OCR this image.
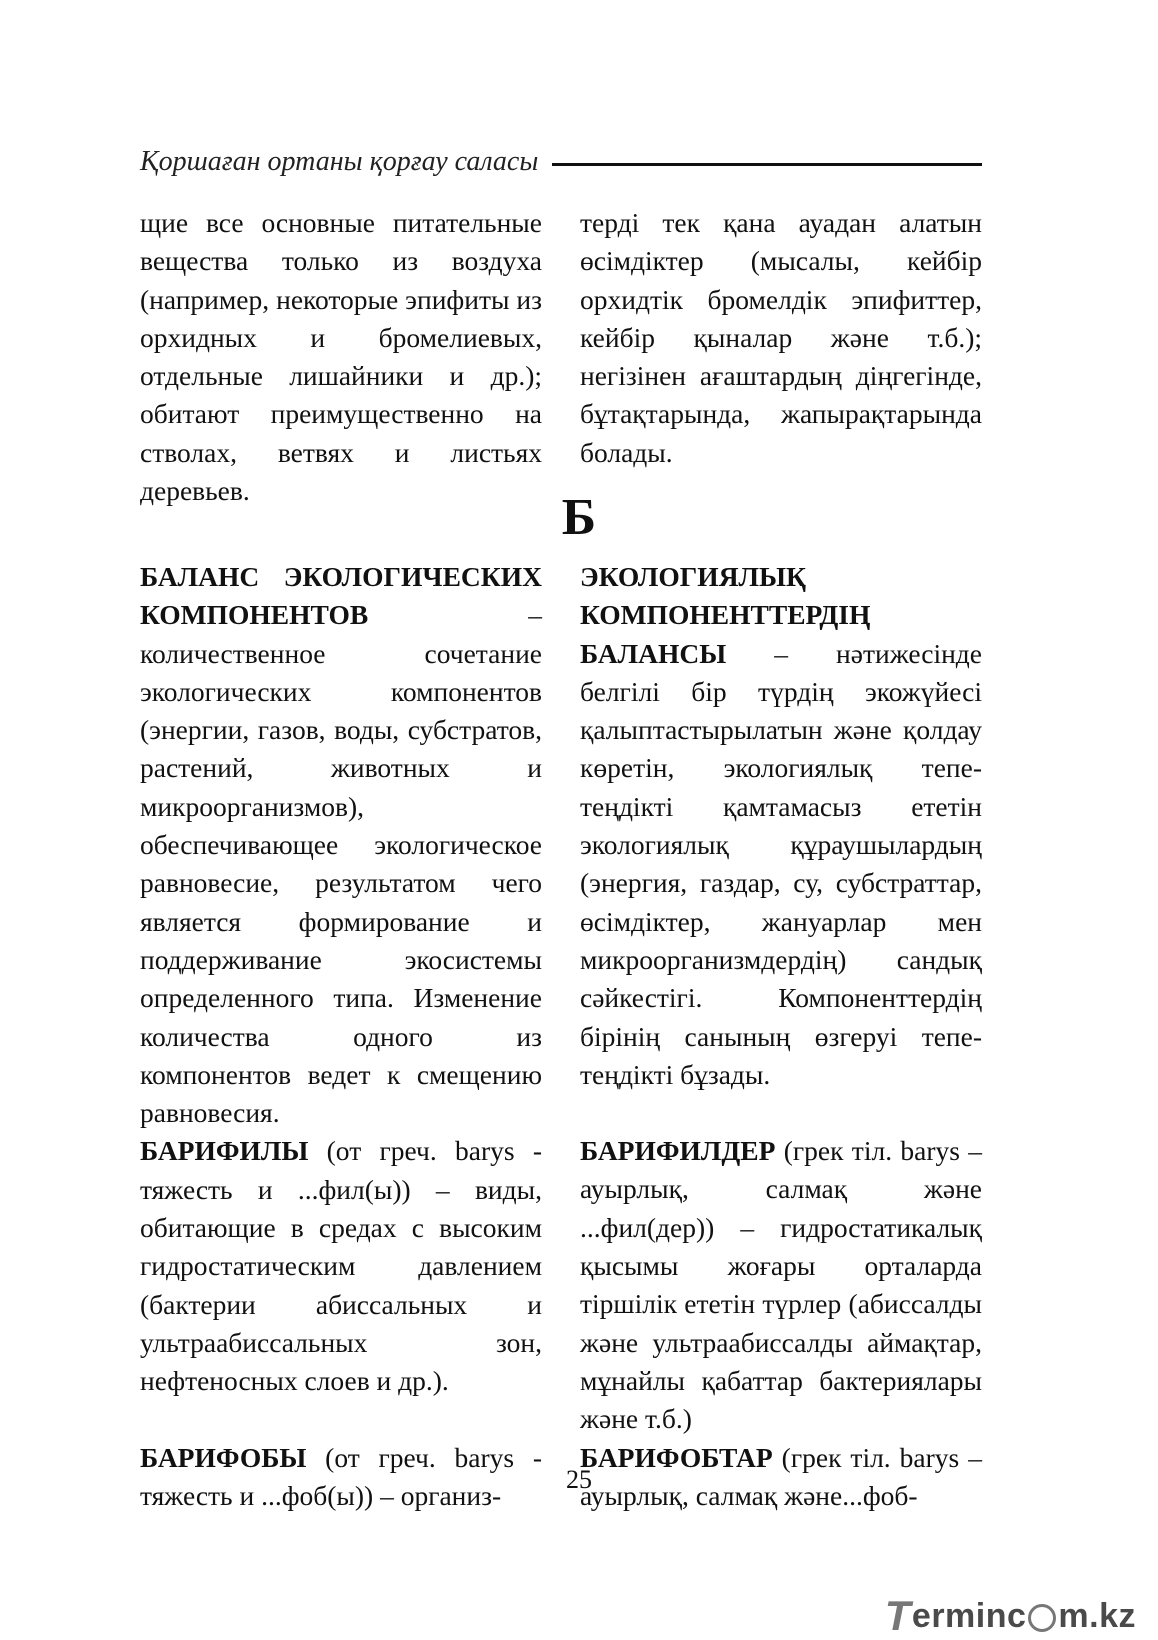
Қоршаған ортаны қорғау саласы

щие все основные питательные вещества только из воздуха (например, некоторые эпифиты из орхидных и бромелиевых, отдельные лишайники и др.); обитают преимущественно на стволах, ветвях и листьях деревьев.

терді тек қана ауадан алатын өсімдіктер (мысалы, кейбір орхидтік бромелдік эпифиттер, кейбір қыналар және т.б.); негізінен ағаштардың діңгегінде, бұтақтарында, жапырақтарында болады.

Б

БАЛАНС ЭКОЛОГИЧЕСКИХ КОМПОНЕНТОВ – количественное сочетание экологических компонентов (энергии, газов, воды, субстратов, растений, животных и микроорганизмов), обеспечивающее экологическое равновесие, результатом чего является формирование и поддерживание экосистемы определенного типа. Изменение количества одного из компонентов ведет к смещению равновесия.

БАРИФИЛЫ (от греч. barys - тяжесть и ...фил(ы)) – виды, обитающие в средах с высоким гидростатическим давлением (бактерии абиссальных и ультраабиссальных зон, нефтеносных слоев и др.).

БАРИФОБЫ (от греч. barys - тяжесть и ...фоб(ы)) – организ-

ЭКОЛОГИЯЛЫҚ КОМПОНЕНТТЕРДІҢ БАЛАНСЫ – нәтижесінде белгілі бір түрдің экожүйесі қалыптастырылатын және қолдау көретін, экологиялық тепе-теңдікті қамтамасыз ететін экологиялық құраушылардың (энергия, газдар, су, субстраттар, өсімдіктер, жануарлар мен микроорганизмдердің) сандық сәйкестігі. Компоненттердің бірінің санының өзгеруі тепе-теңдікті бұзады.

БАРИФИЛДЕР (грек тіл. barys – ауырлық, салмақ және ...фил(дер)) – гидростатикалық қысымы жоғары орталарда тіршілік ететін түрлер (абиссалды және ультраабиссалды аймақтар, мұнайлы қабаттар бактериялары және т.б.)

БАРИФОБТАР (грек тіл. barys – ауырлық, салмақ және...фоб-

25
T erminc m.kz
